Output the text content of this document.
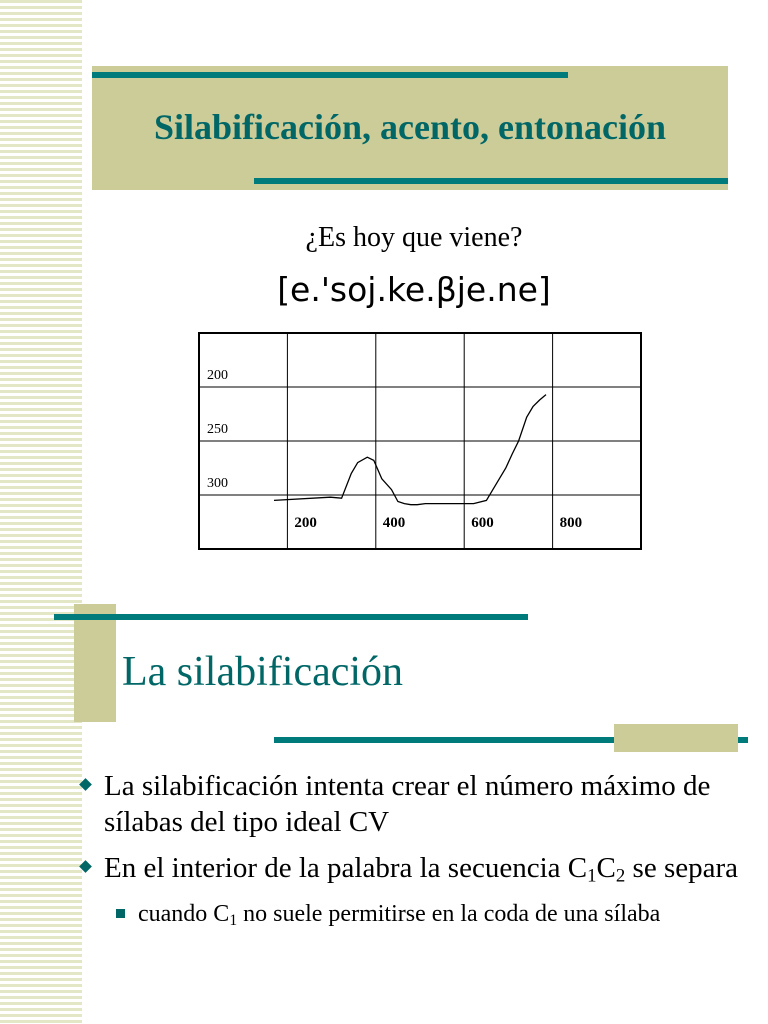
Silabificación, acento, entonación
¿Es hoy que viene?
[e.'soj.ke.βje.ne]
200
250
300
200	400	600	800
La silabificación
La silabificación intenta crear el número máximo de sílabas del tipo ideal CV
En el interior de la palabra la secuencia $C_1C_2$ se separa
cuando $C_1$ no suele permitirse en la coda de una sílaba
